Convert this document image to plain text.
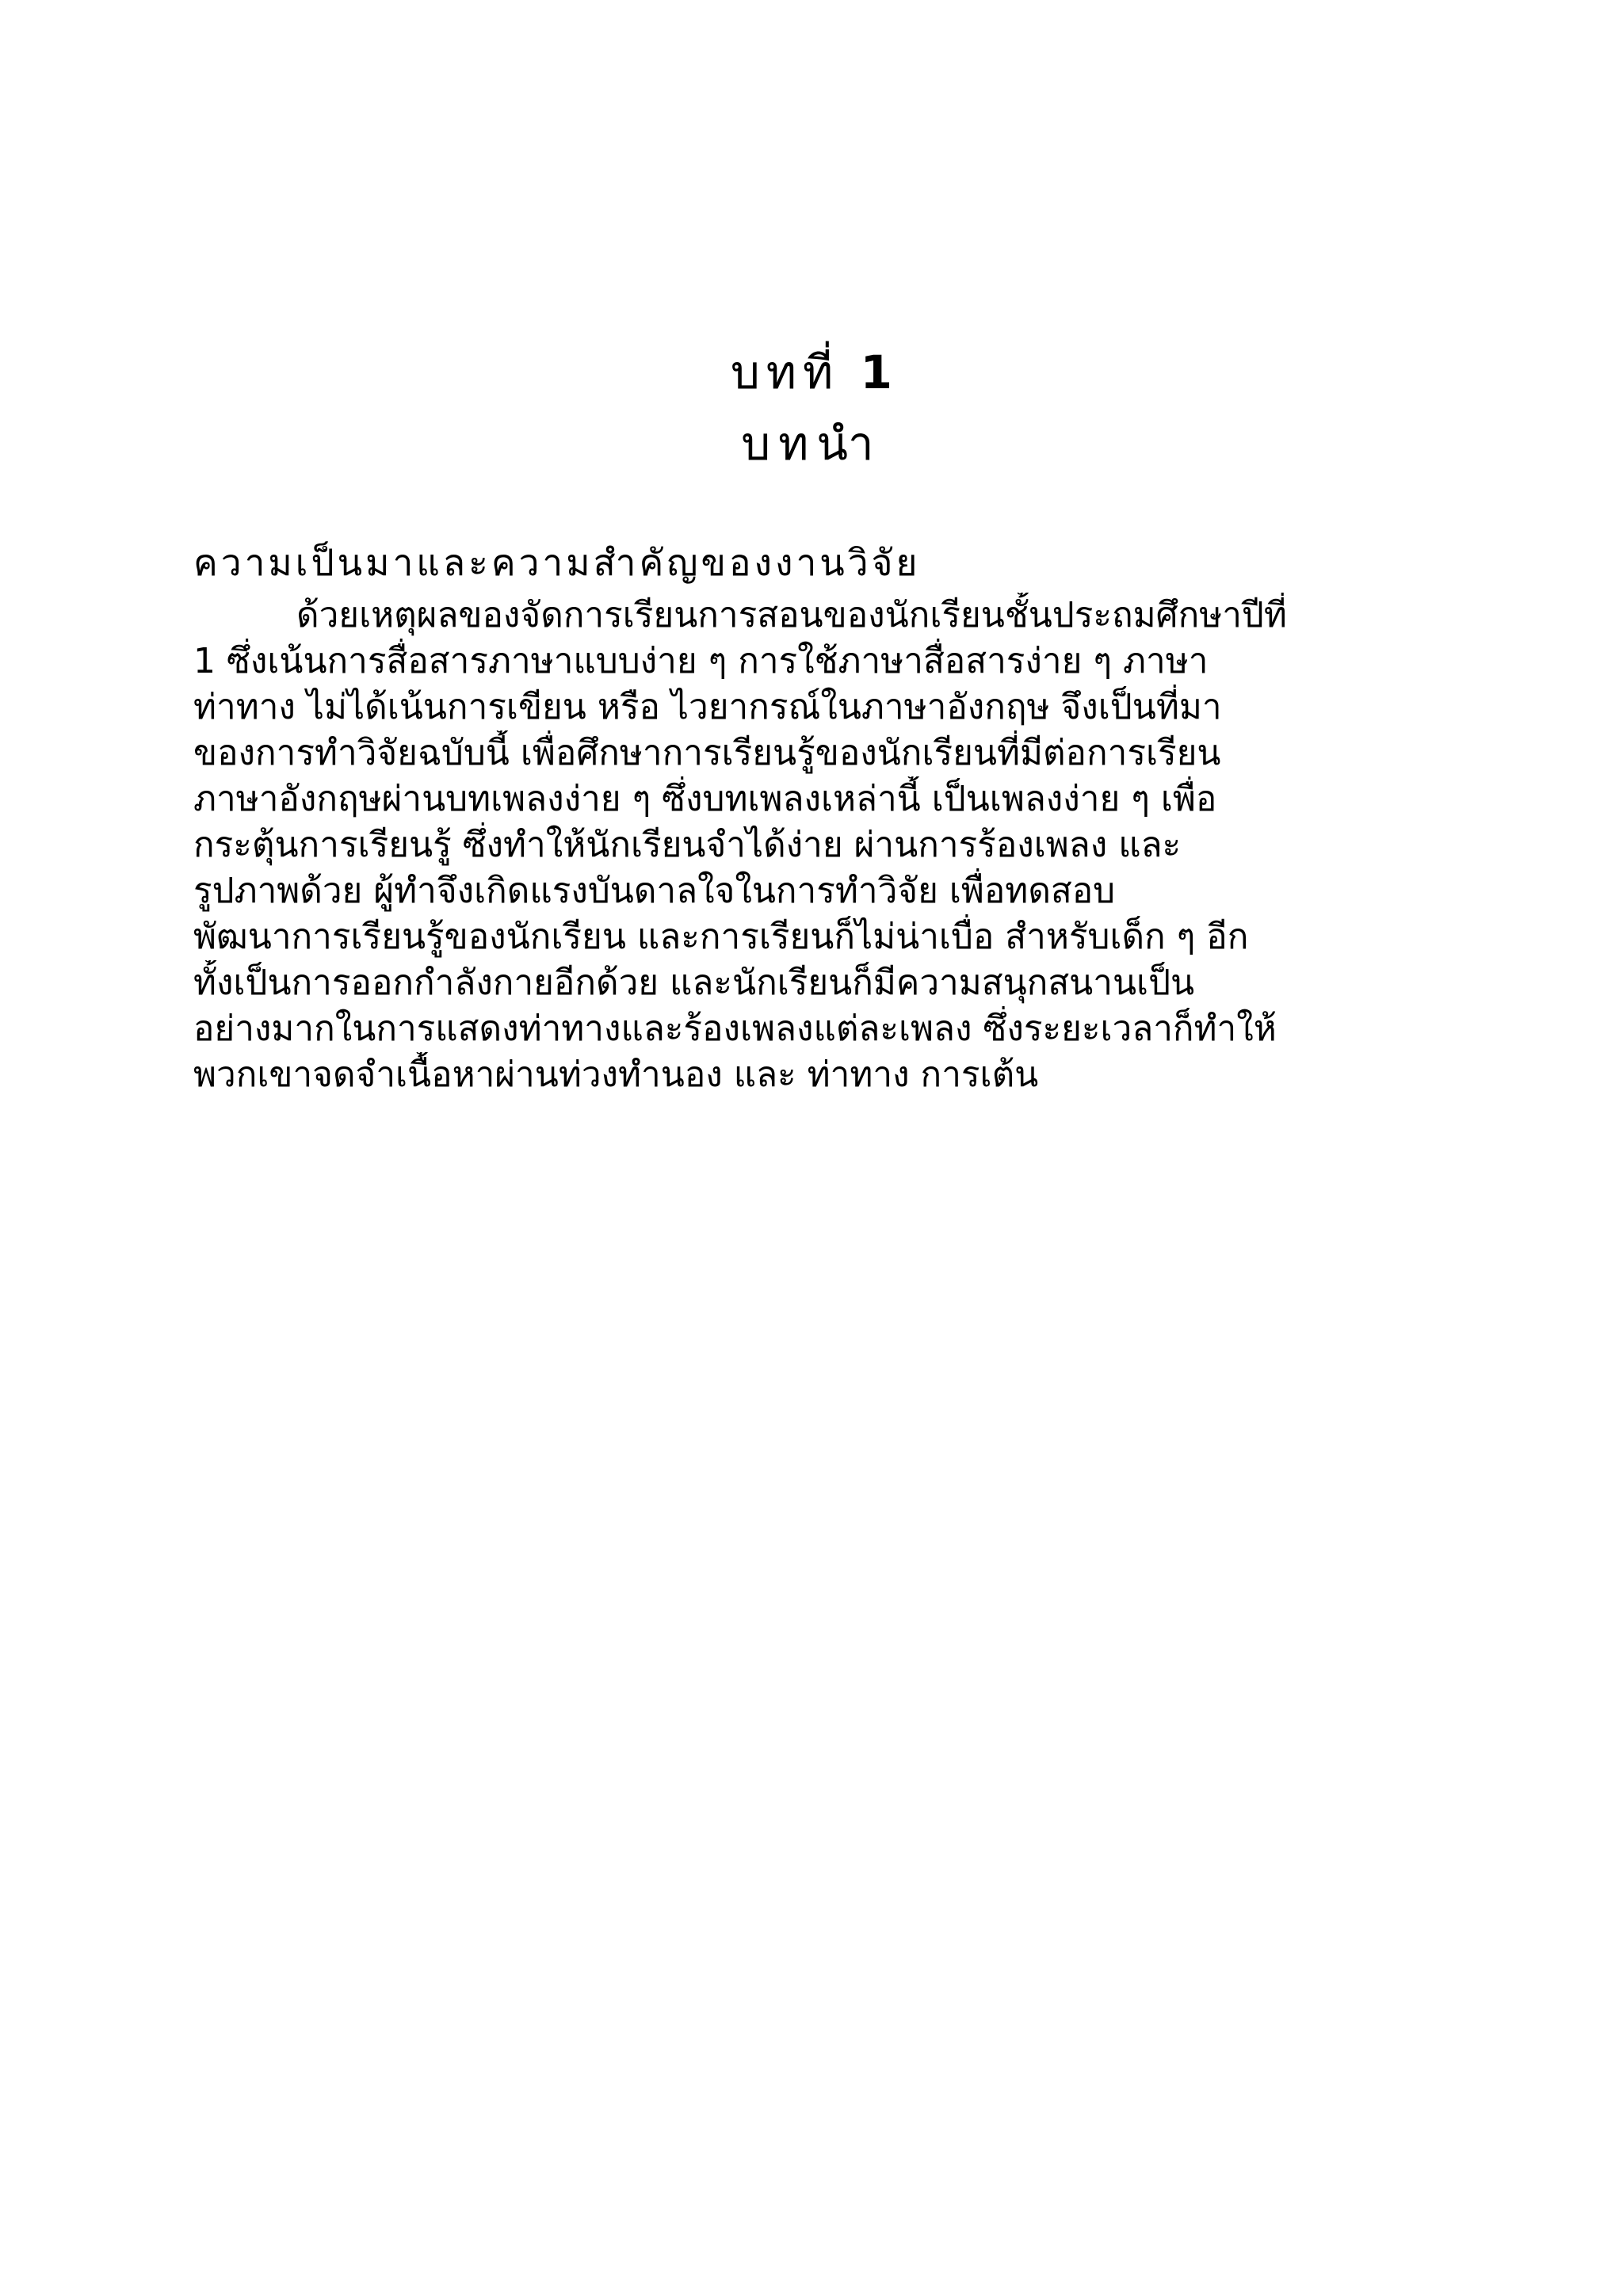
บทที่ 1
บทนำ
ความเป็นมาและความสำคัญของงานวิจัย
ด้วยเหตุผลของจัดการเรียนการสอนของนักเรียนชั้นประถมศึกษาปีที่
1 ซึ่งเน้นการสื่อสารภาษาแบบง่าย ๆ การใช้ภาษาสื่อสารง่าย ๆ ภาษา
ท่าทาง ไม่ได้เน้นการเขียน หรือ ไวยากรณ์ในภาษาอังกฤษ จึงเป็นที่มา
ของการทำวิจัยฉบับนี้ เพื่อศึกษาการเรียนรู้ของนักเรียนที่มีต่อการเรียน
ภาษาอังกฤษผ่านบทเพลงง่าย ๆ ซึ่งบทเพลงเหล่านี้ เป็นเพลงง่าย ๆ เพื่อ
กระตุ้นการเรียนรู้ ซึ่งทำให้นักเรียนจำได้ง่าย ผ่านการร้องเพลง และ
รูปภาพด้วย ผู้ทำจึงเกิดแรงบันดาลใจในการทำวิจัย เพื่อทดสอบ
พัฒนาการเรียนรู้ของนักเรียน และการเรียนก็ไม่น่าเบื่อ สำหรับเด็ก ๆ อีก
ทั้งเป็นการออกกำลังกายอีกด้วย และนักเรียนก็มีความสนุกสนานเป็น
อย่างมากในการแสดงท่าทางและร้องเพลงแต่ละเพลง ซึ่งระยะเวลาก็ทำให้
พวกเขาจดจำเนื้อหาผ่านท่วงทำนอง และ ท่าทาง การเต้น
